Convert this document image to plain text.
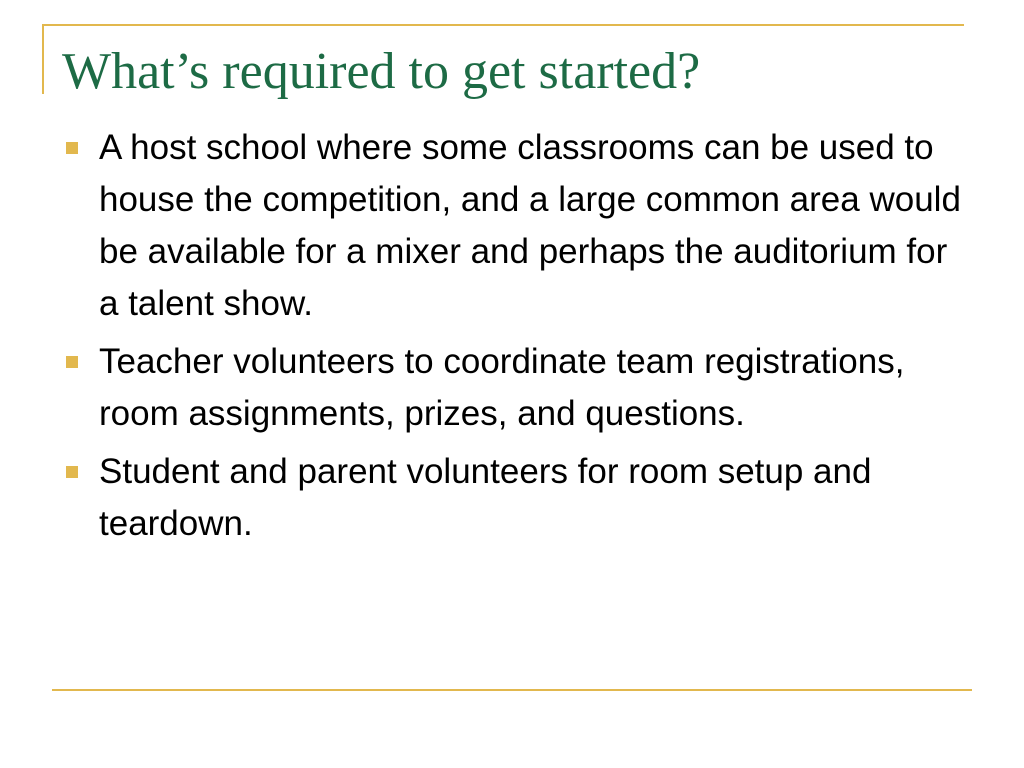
What’s required to get started?
A host school where some classrooms can be used to house the competition, and a large common area would be available for a mixer and perhaps the auditorium for a talent show.
Teacher volunteers to coordinate team registrations, room assignments, prizes, and questions.
Student and parent volunteers for room setup and teardown.
